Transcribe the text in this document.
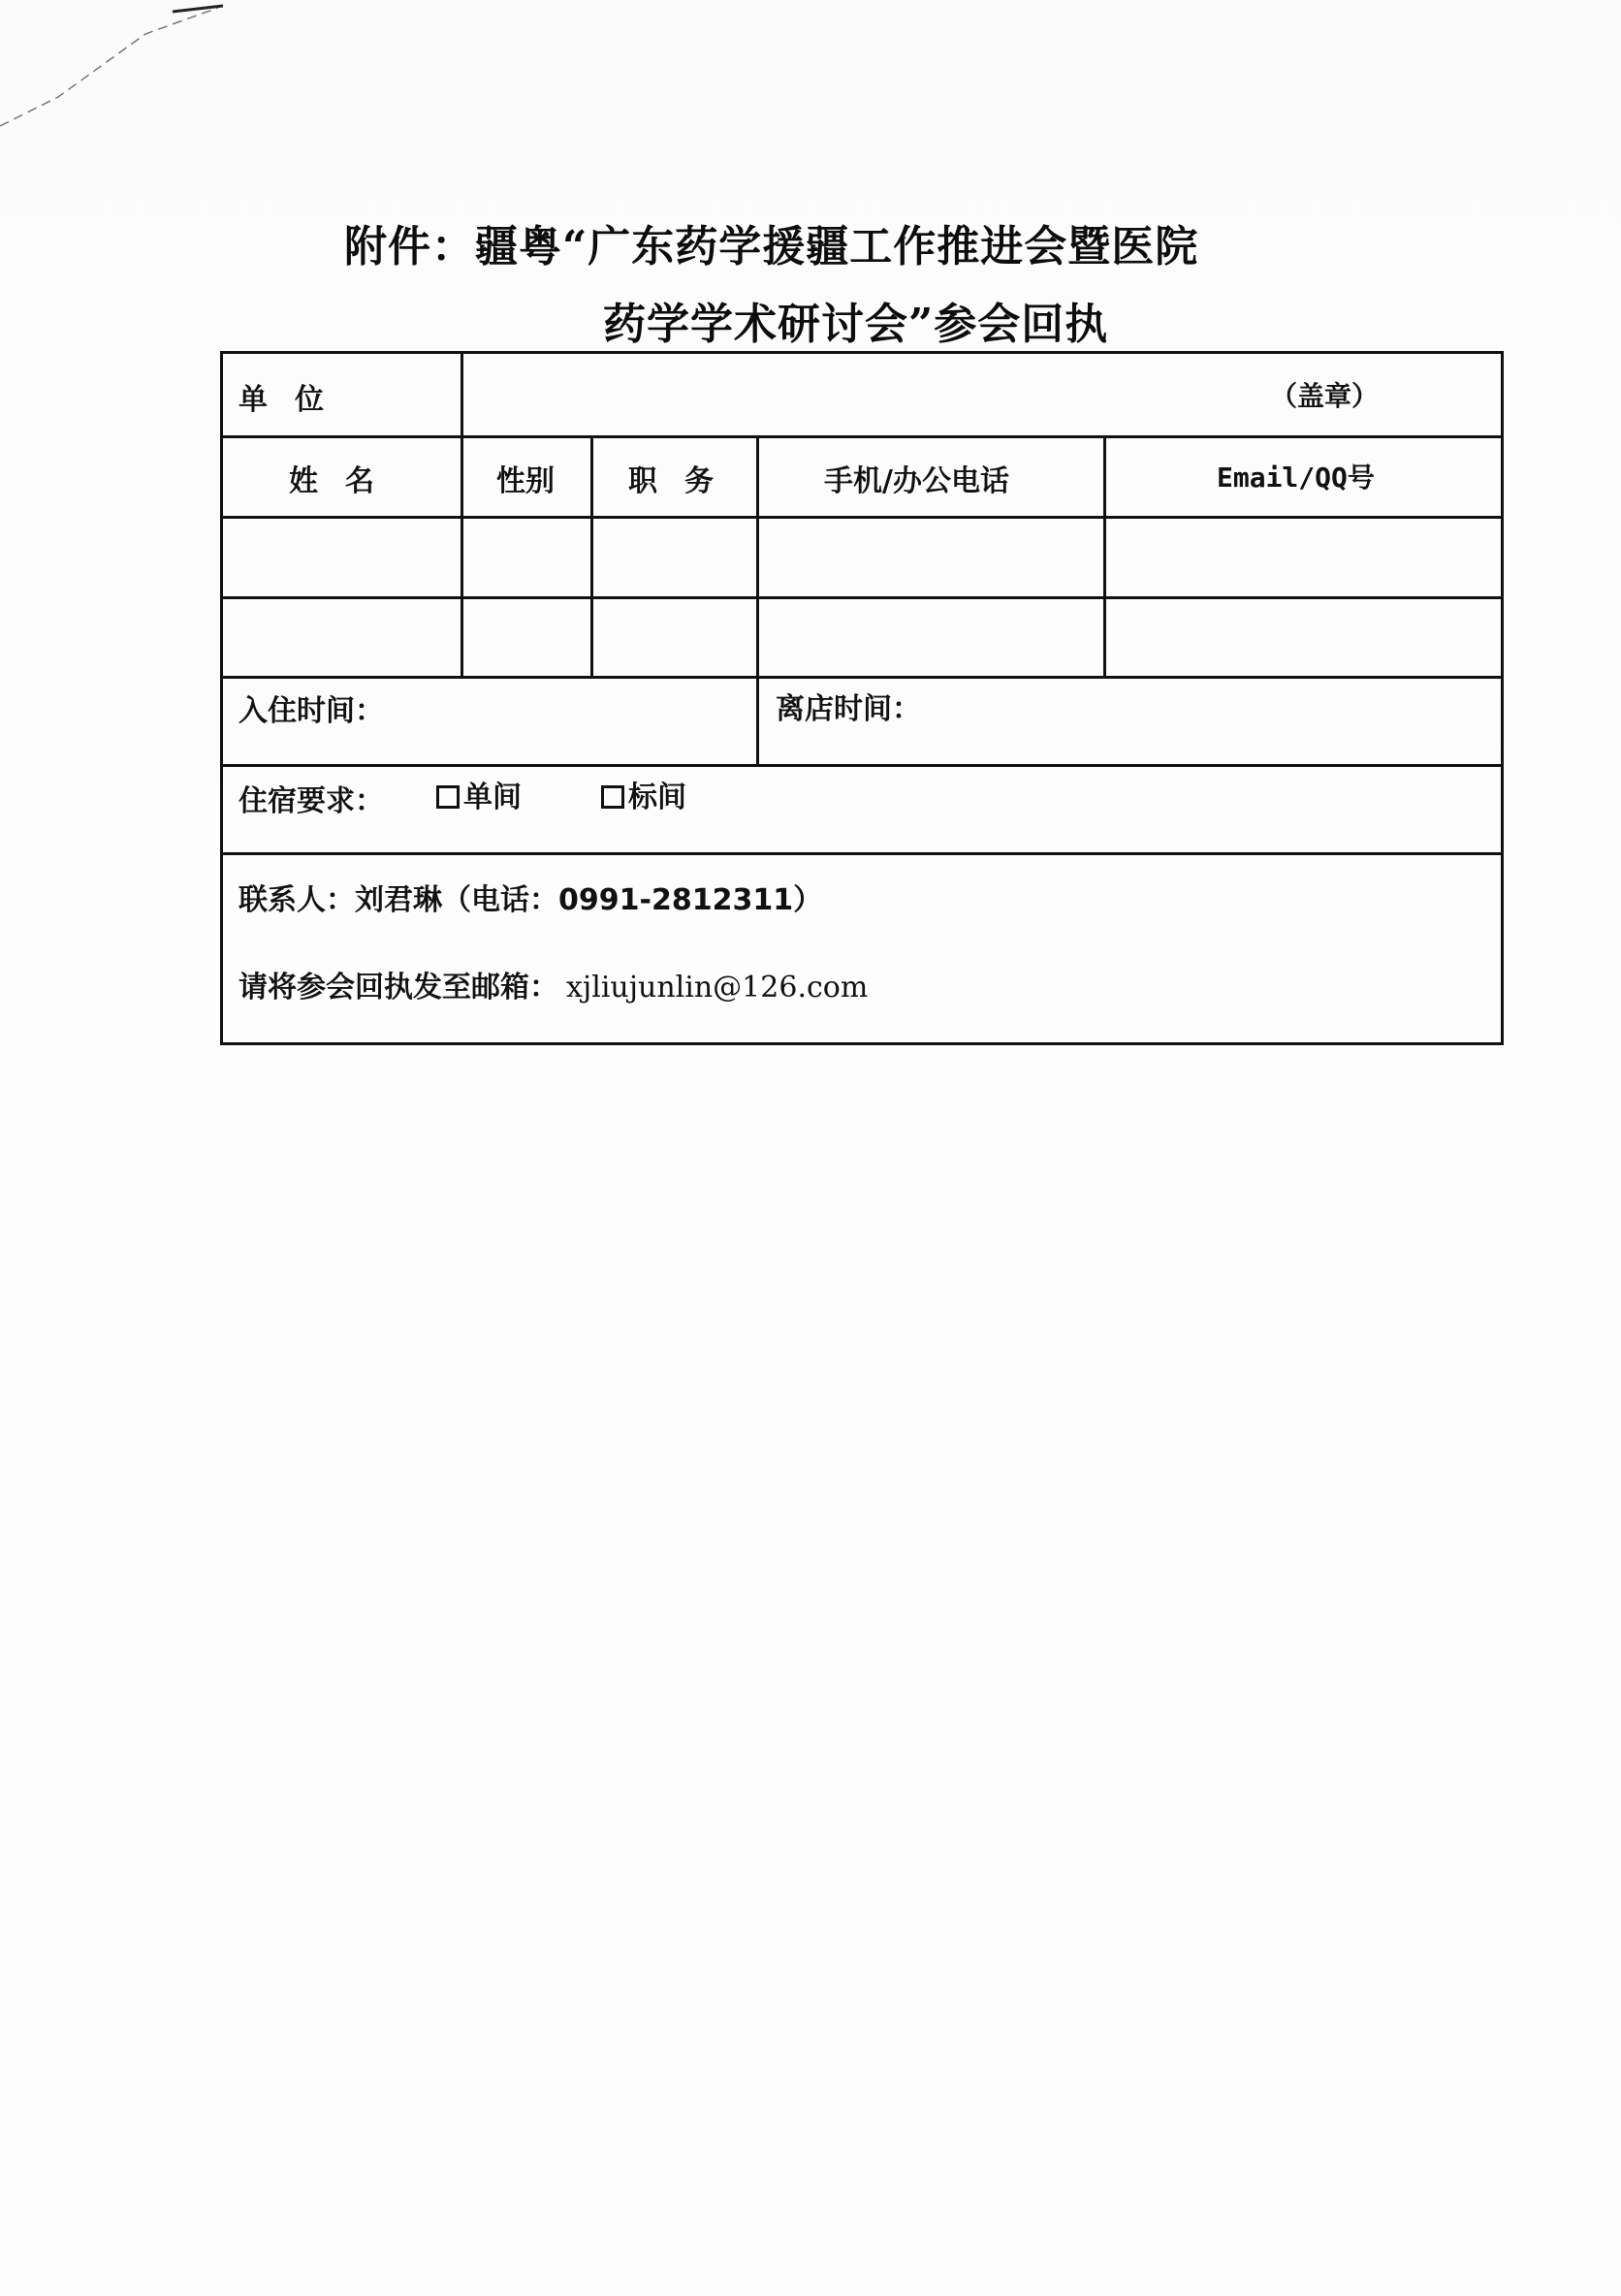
附件：疆粤“广东药学援疆工作推进会暨医院
药学学术研讨会”参会回执
单位	（盖章）
姓名	性别	职务	手机/办公电话	Email/QQ号
入住时间：	离店时间：
住宿要求：	单间	标间
联系人：刘君琳（电话：0991-2812311）
请将参会回执发至邮箱： xjliujunlin@126.com
